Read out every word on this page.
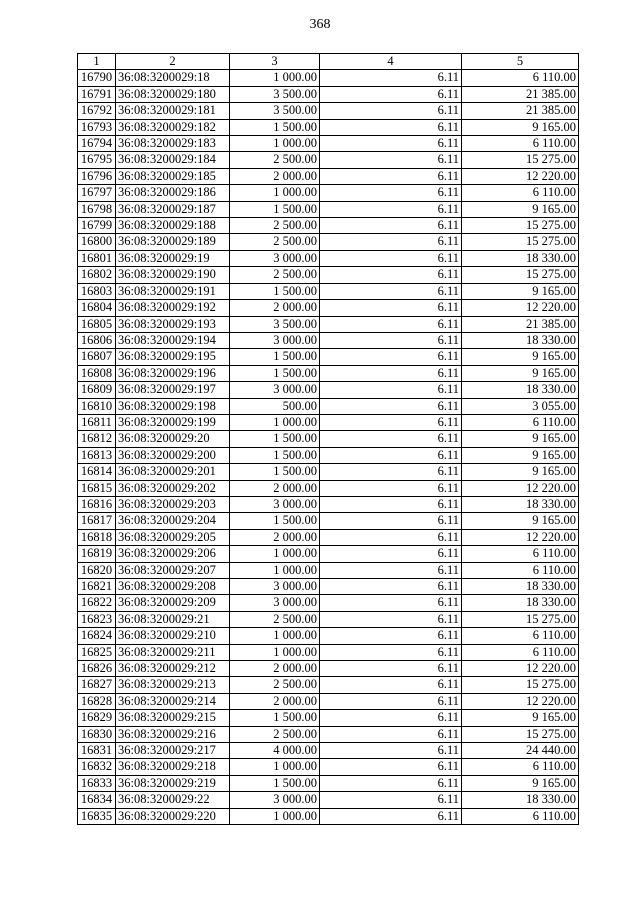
368
1	2	3	4	5
16790	36:08:3200029:18	1 000.00	6.11	6 110.00
16791	36:08:3200029:180	3 500.00	6.11	21 385.00
16792	36:08:3200029:181	3 500.00	6.11	21 385.00
16793	36:08:3200029:182	1 500.00	6.11	9 165.00
16794	36:08:3200029:183	1 000.00	6.11	6 110.00
16795	36:08:3200029:184	2 500.00	6.11	15 275.00
16796	36:08:3200029:185	2 000.00	6.11	12 220.00
16797	36:08:3200029:186	1 000.00	6.11	6 110.00
16798	36:08:3200029:187	1 500.00	6.11	9 165.00
16799	36:08:3200029:188	2 500.00	6.11	15 275.00
16800	36:08:3200029:189	2 500.00	6.11	15 275.00
16801	36:08:3200029:19	3 000.00	6.11	18 330.00
16802	36:08:3200029:190	2 500.00	6.11	15 275.00
16803	36:08:3200029:191	1 500.00	6.11	9 165.00
16804	36:08:3200029:192	2 000.00	6.11	12 220.00
16805	36:08:3200029:193	3 500.00	6.11	21 385.00
16806	36:08:3200029:194	3 000.00	6.11	18 330.00
16807	36:08:3200029:195	1 500.00	6.11	9 165.00
16808	36:08:3200029:196	1 500.00	6.11	9 165.00
16809	36:08:3200029:197	3 000.00	6.11	18 330.00
16810	36:08:3200029:198	500.00	6.11	3 055.00
16811	36:08:3200029:199	1 000.00	6.11	6 110.00
16812	36:08:3200029:20	1 500.00	6.11	9 165.00
16813	36:08:3200029:200	1 500.00	6.11	9 165.00
16814	36:08:3200029:201	1 500.00	6.11	9 165.00
16815	36:08:3200029:202	2 000.00	6.11	12 220.00
16816	36:08:3200029:203	3 000.00	6.11	18 330.00
16817	36:08:3200029:204	1 500.00	6.11	9 165.00
16818	36:08:3200029:205	2 000.00	6.11	12 220.00
16819	36:08:3200029:206	1 000.00	6.11	6 110.00
16820	36:08:3200029:207	1 000.00	6.11	6 110.00
16821	36:08:3200029:208	3 000.00	6.11	18 330.00
16822	36:08:3200029:209	3 000.00	6.11	18 330.00
16823	36:08:3200029:21	2 500.00	6.11	15 275.00
16824	36:08:3200029:210	1 000.00	6.11	6 110.00
16825	36:08:3200029:211	1 000.00	6.11	6 110.00
16826	36:08:3200029:212	2 000.00	6.11	12 220.00
16827	36:08:3200029:213	2 500.00	6.11	15 275.00
16828	36:08:3200029:214	2 000.00	6.11	12 220.00
16829	36:08:3200029:215	1 500.00	6.11	9 165.00
16830	36:08:3200029:216	2 500.00	6.11	15 275.00
16831	36:08:3200029:217	4 000.00	6.11	24 440.00
16832	36:08:3200029:218	1 000.00	6.11	6 110.00
16833	36:08:3200029:219	1 500.00	6.11	9 165.00
16834	36:08:3200029:22	3 000.00	6.11	18 330.00
16835	36:08:3200029:220	1 000.00	6.11	6 110.00
